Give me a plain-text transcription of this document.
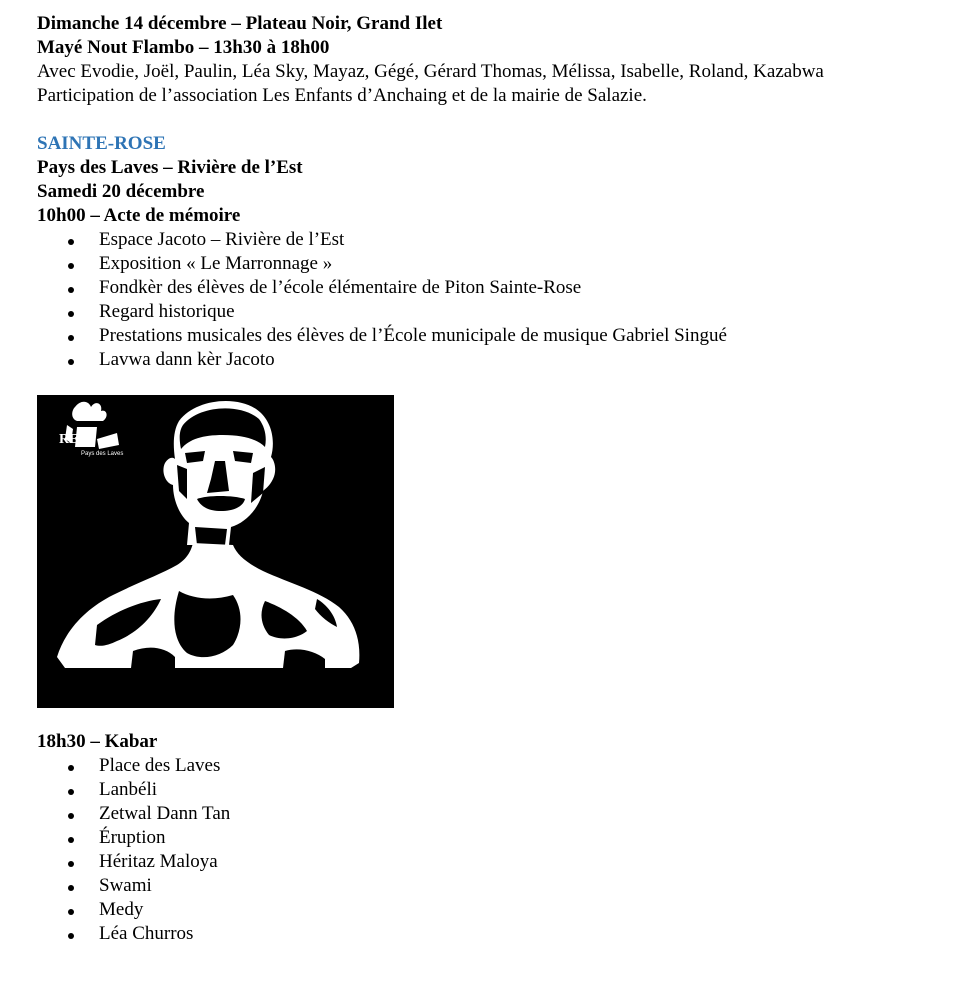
Dimanche 14 décembre – Plateau Noir, Grand Ilet

Mayé Nout Flambo – 13h30 à 18h00

Avec Evodie, Joël, Paulin, Léa Sky, Mayaz, Gégé, Gérard Thomas, Mélissa, Isabelle, Roland, Kazabwa

Participation de l’association Les Enfants d’Anchaing et de la mairie de Salazie.

SAINTE-ROSE

Pays des Laves – Rivière de l’Est

Samedi 20 décembre

10h00 – Acte de mémoire

Espace Jacoto – Rivière de l’Est
Exposition « Le Marronnage »
Fondkèr des élèves de l’école élémentaire de Piton Sainte-Rose
Regard historique
Prestations musicales des élèves de l’École municipale de musique Gabriel Singué
Lavwa dann kèr Jacoto
REG
Pays des Laves

18h30 – Kabar

Place des Laves
Lanbéli
Zetwal Dann Tan
Éruption
Héritaz Maloya
Swami
Medy
Léa Churros
